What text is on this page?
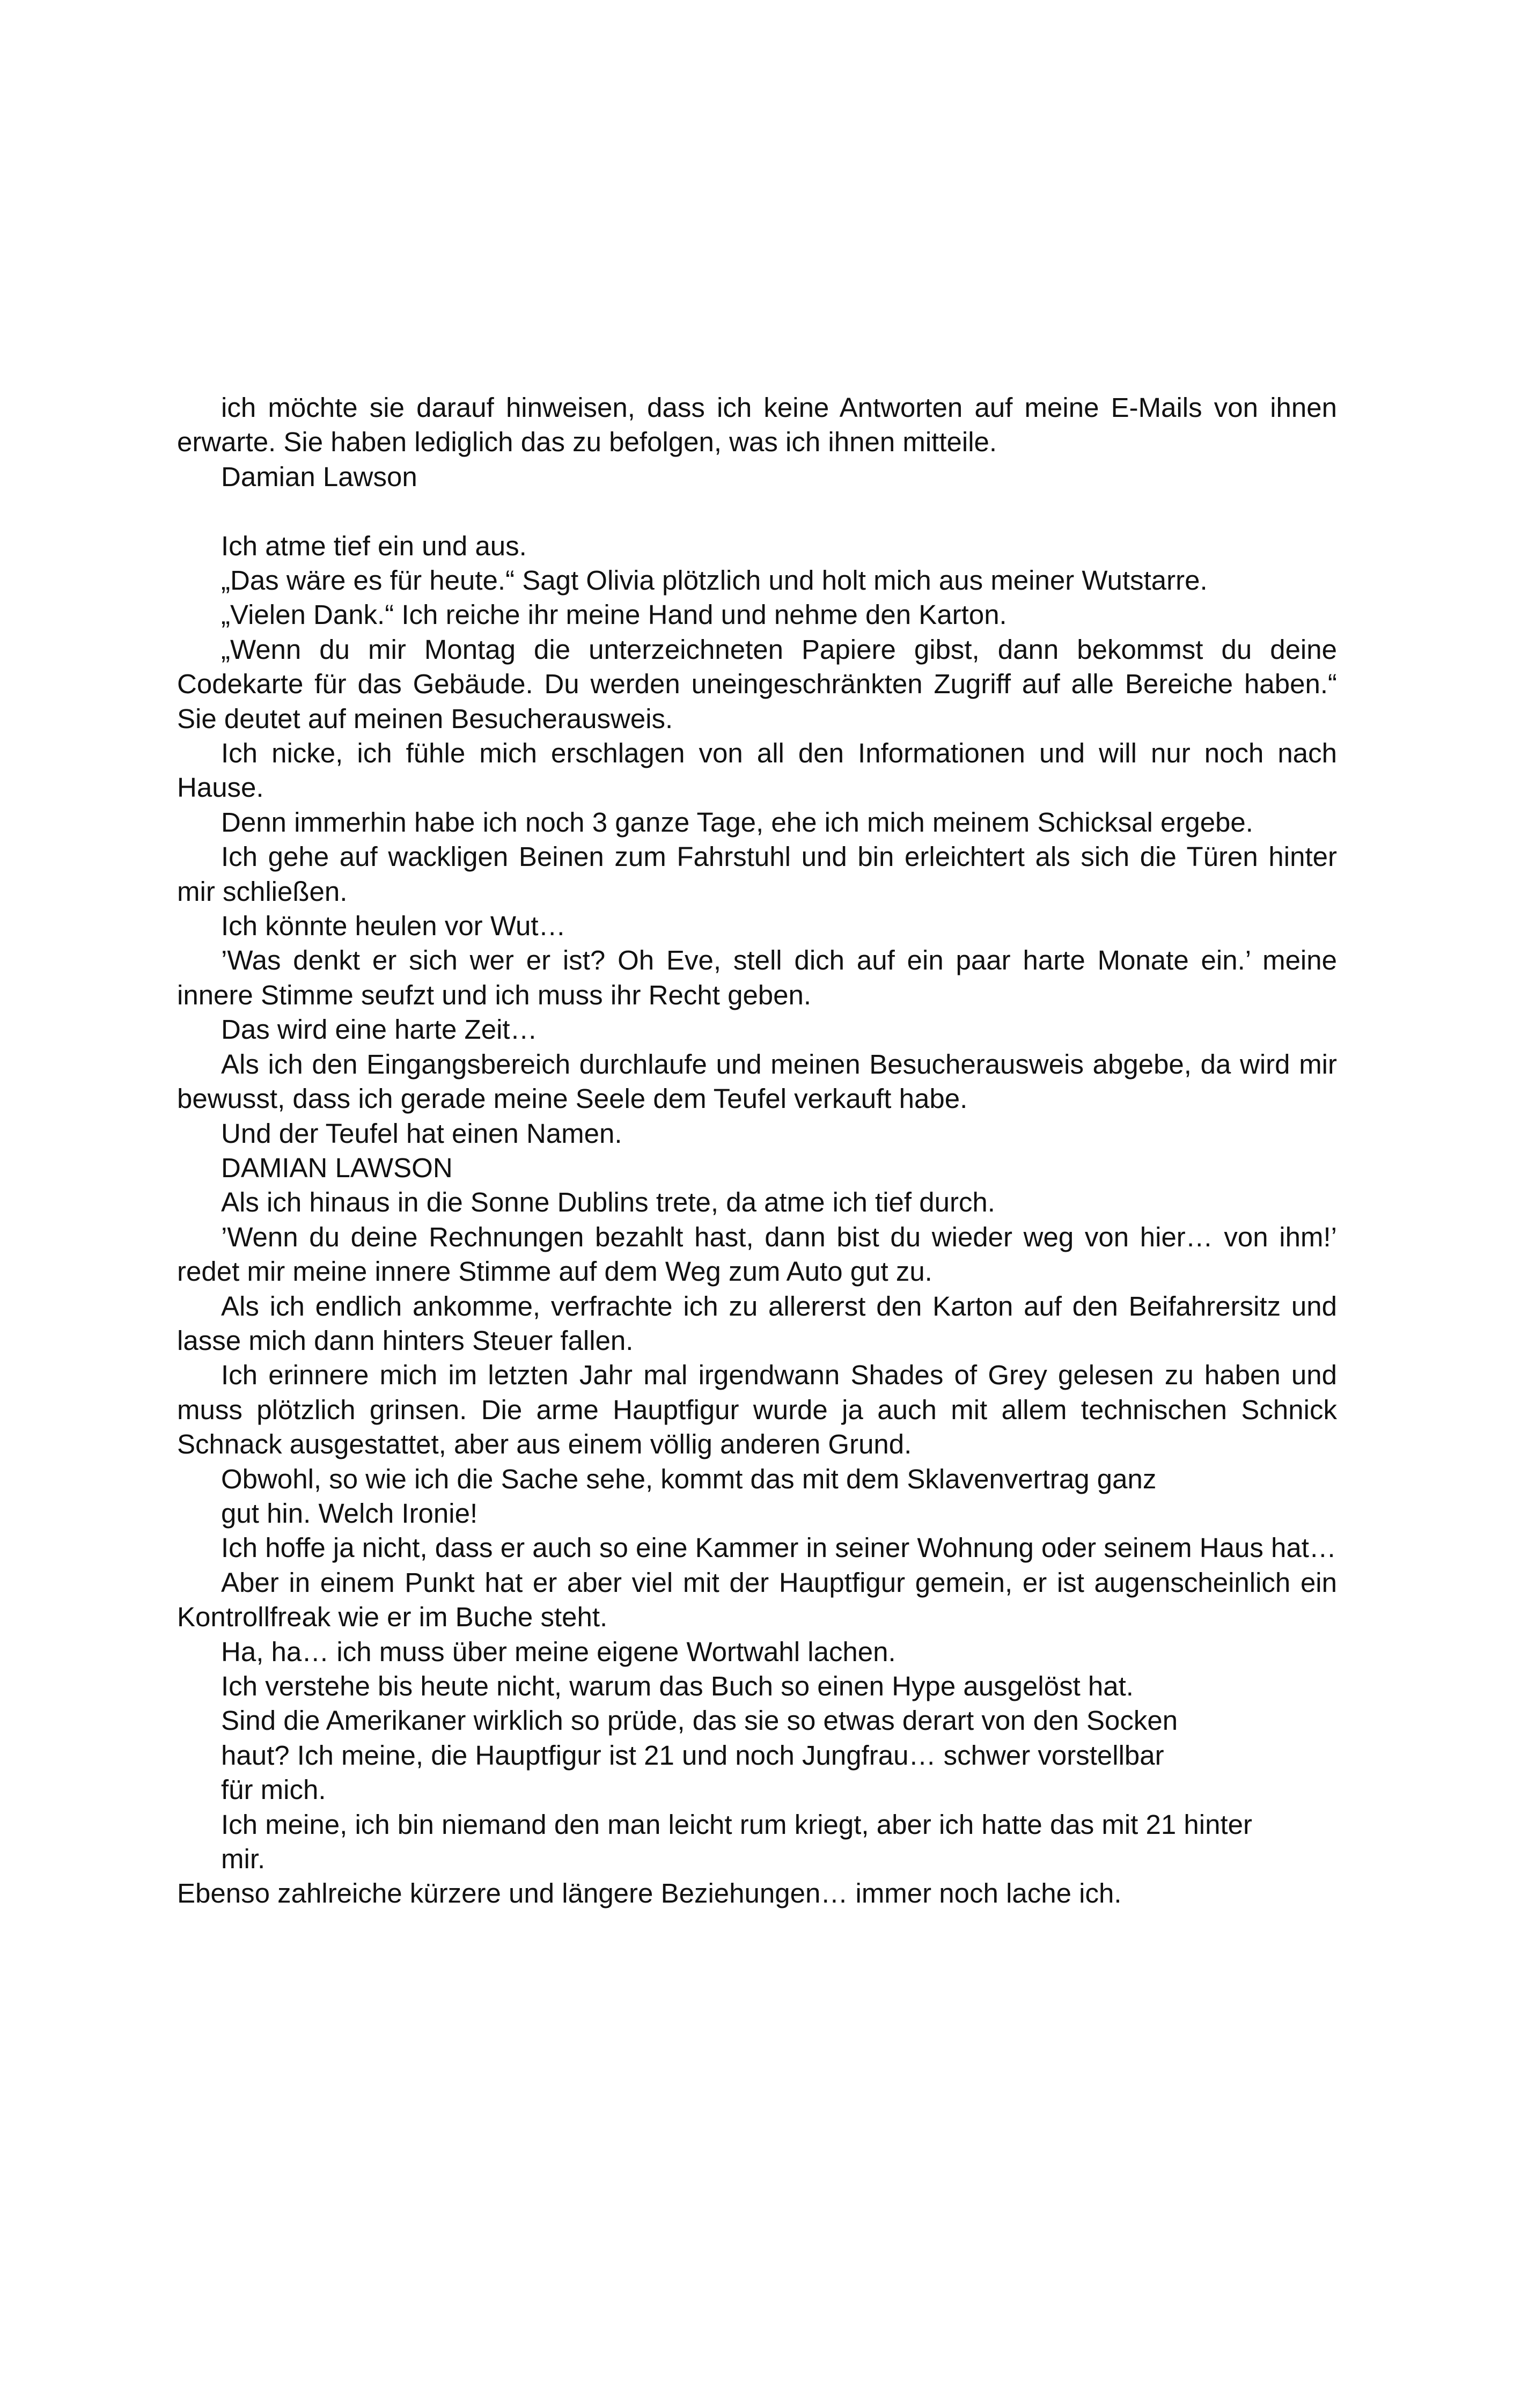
ich möchte sie darauf hinweisen, dass ich keine Antworten auf meine E-Mails von ihnen erwarte. Sie haben lediglich das zu befolgen, was ich ihnen mitteile.

Damian Lawson

Ich atme tief ein und aus.

„Das wäre es für heute.“ Sagt Olivia plötzlich und holt mich aus meiner Wutstarre.

„Vielen Dank.“ Ich reiche ihr meine Hand und nehme den Karton.

„Wenn du mir Montag die unterzeichneten Papiere gibst, dann bekommst du deine Codekarte für das Gebäude. Du werden uneingeschränkten Zugriff auf alle Bereiche haben.“ Sie deutet auf meinen Besucherausweis.

Ich nicke, ich fühle mich erschlagen von all den Informationen und will nur noch nach Hause.

Denn immerhin habe ich noch 3 ganze Tage, ehe ich mich meinem Schicksal ergebe.

Ich gehe auf wackligen Beinen zum Fahrstuhl und bin erleichtert als sich die Türen hinter mir schließen.

Ich könnte heulen vor Wut…

’Was denkt er sich wer er ist? Oh Eve, stell dich auf ein paar harte Monate ein.’ meine innere Stimme seufzt und ich muss ihr Recht geben.

Das wird eine harte Zeit…

Als ich den Eingangsbereich durchlaufe und meinen Besucherausweis abgebe, da wird mir bewusst, dass ich gerade meine Seele dem Teufel verkauft habe.

Und der Teufel hat einen Namen.

DAMIAN LAWSON

Als ich hinaus in die Sonne Dublins trete, da atme ich tief durch.

’Wenn du deine Rechnungen bezahlt hast, dann bist du wieder weg von hier… von ihm!’ redet mir meine innere Stimme auf dem Weg zum Auto gut zu.

Als ich endlich ankomme, verfrachte ich zu allererst den Karton auf den Beifahrersitz und lasse mich dann hinters Steuer fallen.

Ich erinnere mich im letzten Jahr mal irgendwann Shades of Grey gelesen zu haben und muss plötzlich grinsen. Die arme Hauptfigur wurde ja auch mit allem technischen Schnick Schnack ausgestattet, aber aus einem völlig anderen Grund.

Obwohl, so wie ich die Sache sehe, kommt das mit dem Sklavenvertrag ganz

gut hin. Welch Ironie!

Ich hoffe ja nicht, dass er auch so eine Kammer in seiner Wohnung oder seinem Haus hat…

Aber in einem Punkt hat er aber viel mit der Hauptfigur gemein, er ist augenscheinlich ein Kontrollfreak wie er im Buche steht.

Ha, ha… ich muss über meine eigene Wortwahl lachen.

Ich verstehe bis heute nicht, warum das Buch so einen Hype ausgelöst hat.

Sind die Amerikaner wirklich so prüde, das sie so etwas derart von den Socken

haut? Ich meine, die Hauptfigur ist 21 und noch Jungfrau… schwer vorstellbar

für mich.

Ich meine, ich bin niemand den man leicht rum kriegt, aber ich hatte das mit 21 hinter

mir.

Ebenso zahlreiche kürzere und längere Beziehungen… immer noch lache ich.
